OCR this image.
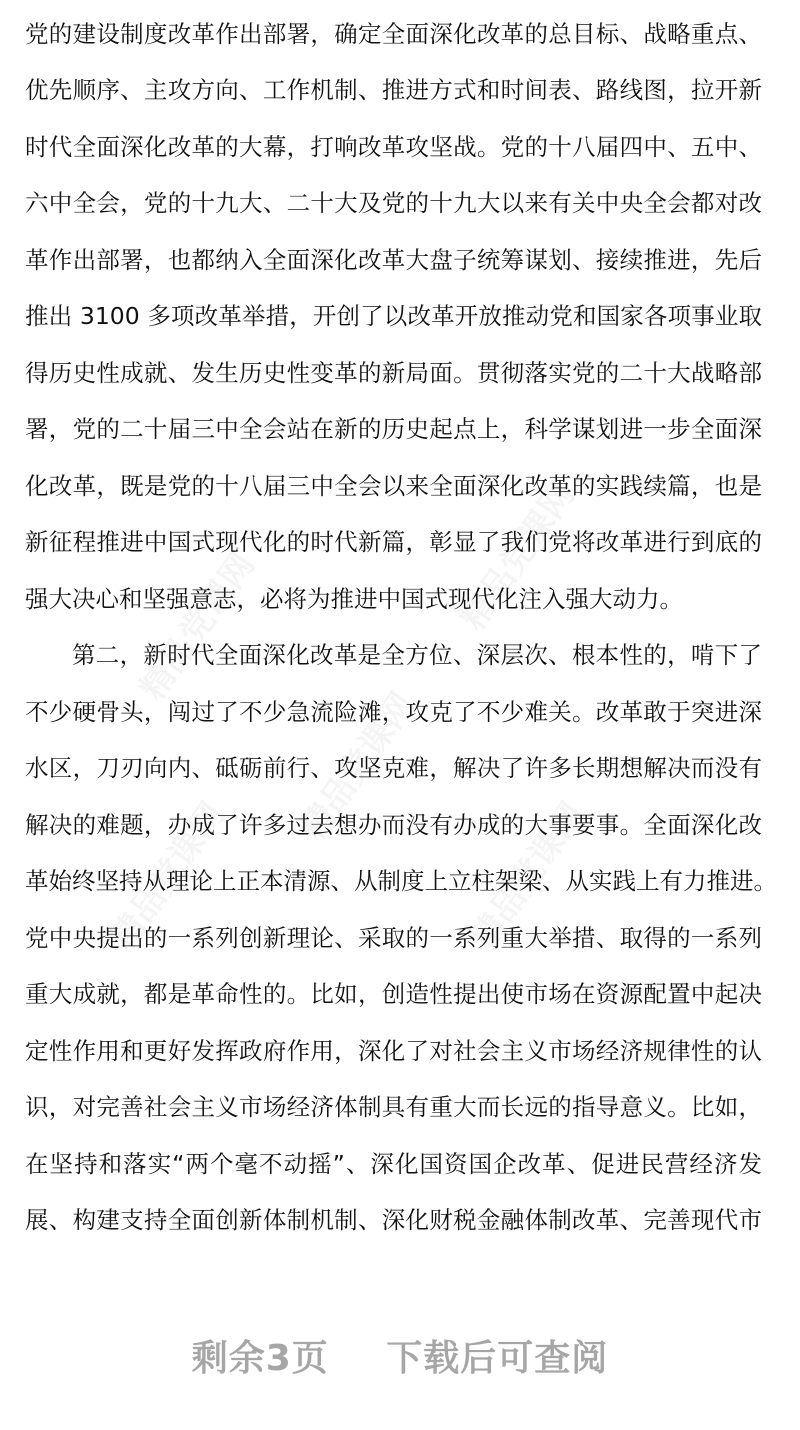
党的建设制度改革作出部署，确定全面深化改革的总目标、战略重点、
优先顺序、主攻方向、工作机制、推进方式和时间表、路线图，拉开新
时代全面深化改革的大幕，打响改革攻坚战。党的十八届四中、五中、
六中全会，党的十九大、二十大及党的十九大以来有关中央全会都对改
革作出部署，也都纳入全面深化改革大盘子统筹谋划、接续推进，先后
推出 3100 多项改革举措，开创了以改革开放推动党和国家各项事业取
得历史性成就、发生历史性变革的新局面。贯彻落实党的二十大战略部
署，党的二十届三中全会站在新的历史起点上，科学谋划进一步全面深
化改革，既是党的十八届三中全会以来全面深化改革的实践续篇，也是
新征程推进中国式现代化的时代新篇，彰显了我们党将改革进行到底的
强大决心和坚强意志，必将为推进中国式现代化注入强大动力。
第二，新时代全面深化改革是全方位、深层次、根本性的，啃下了
不少硬骨头，闯过了不少急流险滩，攻克了不少难关。改革敢于突进深
水区，刀刃向内、砥砺前行、攻坚克难，解决了许多长期想解决而没有
解决的难题，办成了许多过去想办而没有办成的大事要事。全面深化改
革始终坚持从理论上正本清源、从制度上立柱架梁、从实践上有力推进。
党中央提出的一系列创新理论、采取的一系列重大举措、取得的一系列
重大成就，都是革命性的。比如，创造性提出使市场在资源配置中起决
定性作用和更好发挥政府作用，深化了对社会主义市场经济规律性的认
识，对完善社会主义市场经济体制具有重大而长远的指导意义。比如，
在坚持和落实“两个毫不动摇”、深化国资国企改革、促进民营经济发
展、构建支持全面创新体制机制、深化财税金融体制改革、完善现代市
剩余3页 下载后可查阅
